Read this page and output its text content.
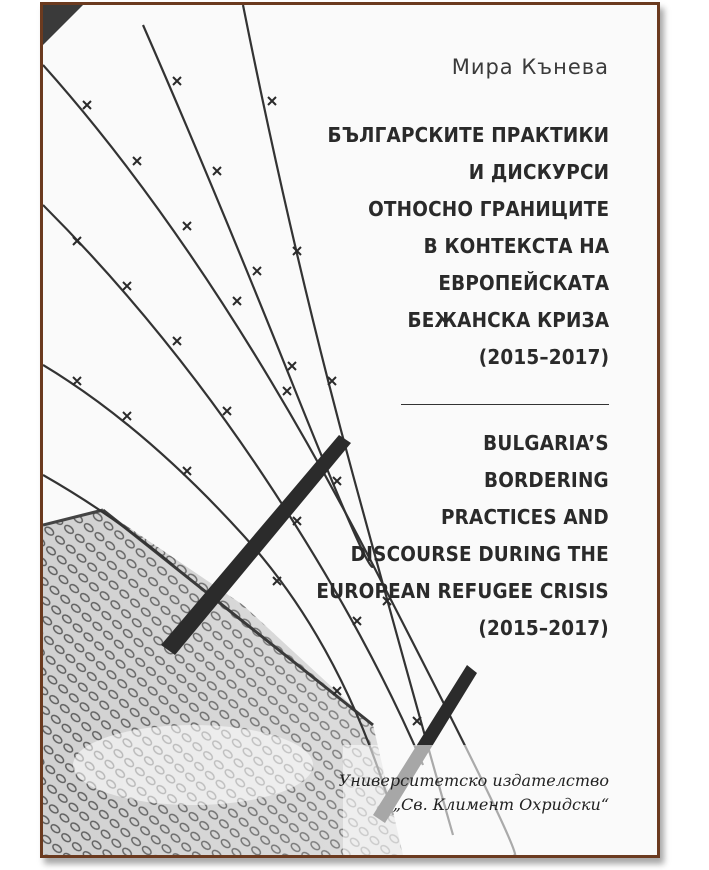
Мира Кънева
БЪЛГАРСКИТЕ ПРАКТИКИ
И ДИСКУРСИ
ОТНОСНО ГРАНИЦИТЕ
В КОНТЕКСТА НА
ЕВРОПЕЙСКАТА
БЕЖАНСКА КРИЗА
(2015–2017)
BULGARIA’S
BORDERING
PRACTICES AND
DISCOURSE DURING THE
EUROPEAN REFUGEE CRISIS
(2015–2017)
Университетско издателство
„Св. Климент Охридски“
